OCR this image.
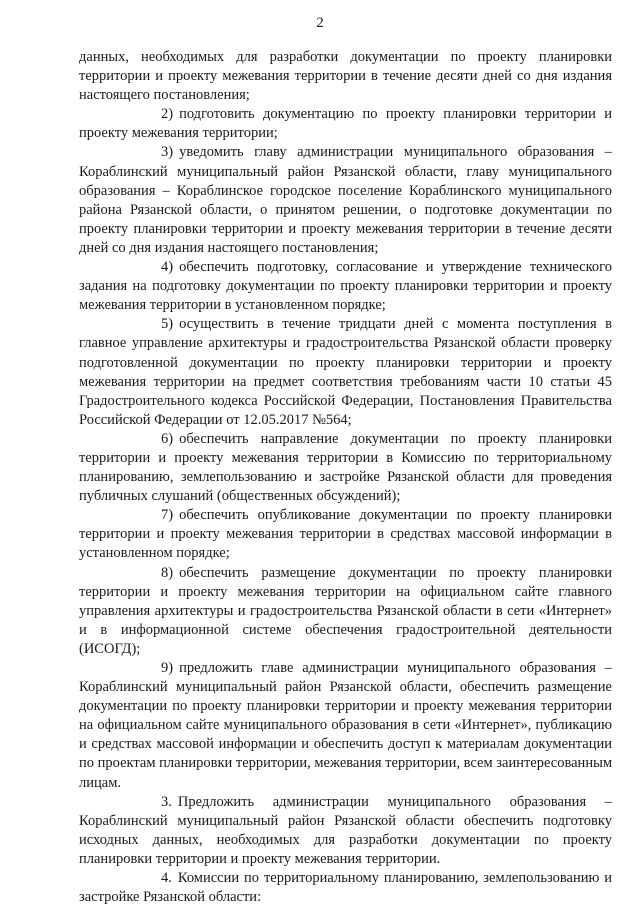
2

данных, необходимых для разработки документации по проекту планировки территории и проекту межевания территории в течение десяти дней со дня издания настоящего постановления;

2) подготовить документацию по проекту планировки территории и проекту межевания территории;

3) уведомить главу администрации муниципального образования – Кораблинский муниципальный район Рязанской области, главу муниципального образования – Кораблинское городское поселение Кораблинского муниципального района Рязанской области, о принятом решении, о подготовке документации по проекту планировки территории и проекту межевания территории в течение десяти дней со дня издания настоящего постановления;

4) обеспечить подготовку, согласование и утверждение технического задания на подготовку документации по проекту планировки территории и проекту межевания территории в установленном порядке;

5) осуществить в течение тридцати дней с момента поступления в главное управление архитектуры и градостроительства Рязанской области проверку подготовленной документации по проекту планировки территории и проекту межевания территории на предмет соответствия требованиям части 10 статьи 45 Градостроительного кодекса Российской Федерации, Постановления Правительства Российской Федерации от 12.05.2017 №564;

6) обеспечить направление документации по проекту планировки территории и проекту межевания территории в Комиссию по территориальному планированию, землепользованию и застройке Рязанской области для проведения публичных слушаний (общественных обсуждений);

7) обеспечить опубликование документации по проекту планировки территории и проекту межевания территории в средствах массовой информации в установленном порядке;

8) обеспечить размещение документации по проекту планировки территории и проекту межевания территории на официальном сайте главного управления архитектуры и градостроительства Рязанской области в сети «Интернет» и в информационной системе обеспечения градостроительной деятельности (ИСОГД);

9) предложить главе администрации муниципального образования – Кораблинский муниципальный район Рязанской области, обеспечить размещение документации по проекту планировки территории и проекту межевания территории на официальном сайте муниципального образования в сети «Интернет», публикацию и средствах массовой информации и обеспечить доступ к материалам документации по проектам планировки территории, межевания территории, всем заинтересованным лицам.

3. Предложить администрации муниципального образования – Кораблинский муниципальный район Рязанской области обеспечить подготовку исходных данных, необходимых для разработки документации по проекту планировки территории и проекту межевания территории.

4. Комиссии по территориальному планированию, землепользованию и застройке Рязанской области:
